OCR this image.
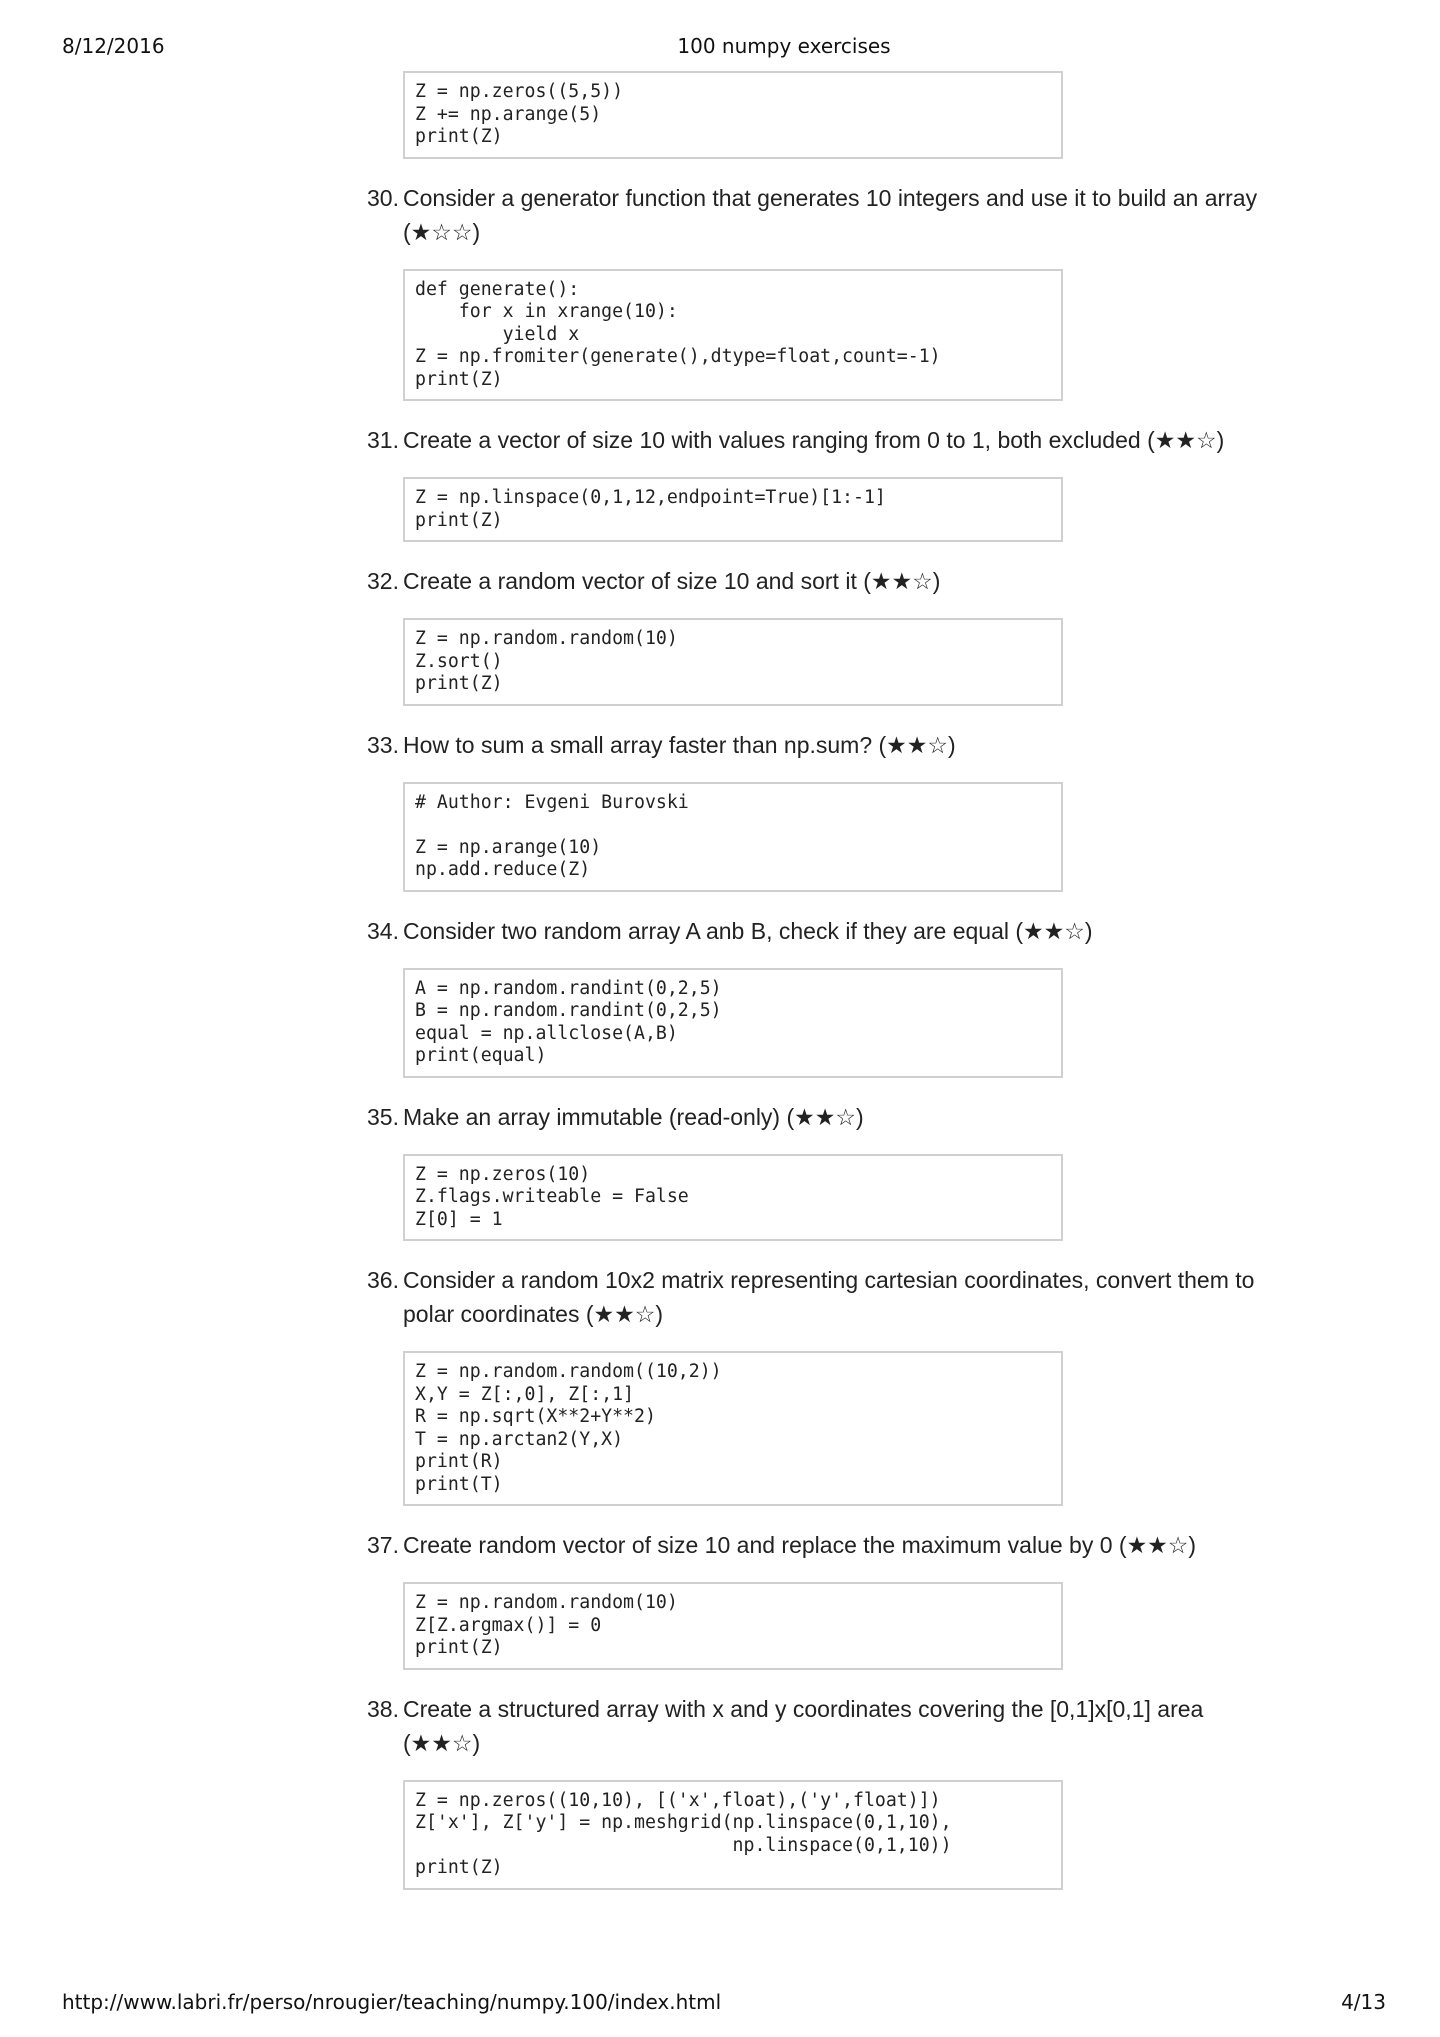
8/12/2016	100 numpy exercises
Z = np.zeros((5,5))
Z += np.arange(5)
print(Z)
30. Consider a generator function that generates 10 integers and use it to build an array (★☆☆)
def generate():
for x in xrange(10):
yield x
Z = np.fromiter(generate(),dtype=float,count=-1)
print(Z)
31. Create a vector of size 10 with values ranging from 0 to 1, both excluded (★★☆)
Z = np.linspace(0,1,12,endpoint=True)[1:-1]
print(Z)
32. Create a random vector of size 10 and sort it (★★☆)
Z = np.random.random(10)
Z.sort()
print(Z)
33. How to sum a small array faster than np.sum? (★★☆)
# Author: Evgeni Burovski

Z = np.arange(10)
np.add.reduce(Z)
34. Consider two random array A anb B, check if they are equal (★★☆)
A = np.random.randint(0,2,5)
B = np.random.randint(0,2,5)
equal = np.allclose(A,B)
print(equal)
35. Make an array immutable (read-only) (★★☆)
Z = np.zeros(10)
Z.flags.writeable = False
Z[0] = 1
36. Consider a random 10x2 matrix representing cartesian coordinates, convert them to polar coordinates (★★☆)
Z = np.random.random((10,2))
X,Y = Z[:,0], Z[:,1]
R = np.sqrt(X**2+Y**2)
T = np.arctan2(Y,X)
print(R)
print(T)
37. Create random vector of size 10 and replace the maximum value by 0 (★★☆)
Z = np.random.random(10)
Z[Z.argmax()] = 0
print(Z)
38. Create a structured array with x and y coordinates covering the [0,1]x[0,1] area (★★☆)
Z = np.zeros((10,10), [('x',float),('y',float)])
Z['x'], Z['y'] = np.meshgrid(np.linspace(0,1,10),
np.linspace(0,1,10))
print(Z)
http://www.labri.fr/perso/nrougier/teaching/numpy.100/index.html	4/13
